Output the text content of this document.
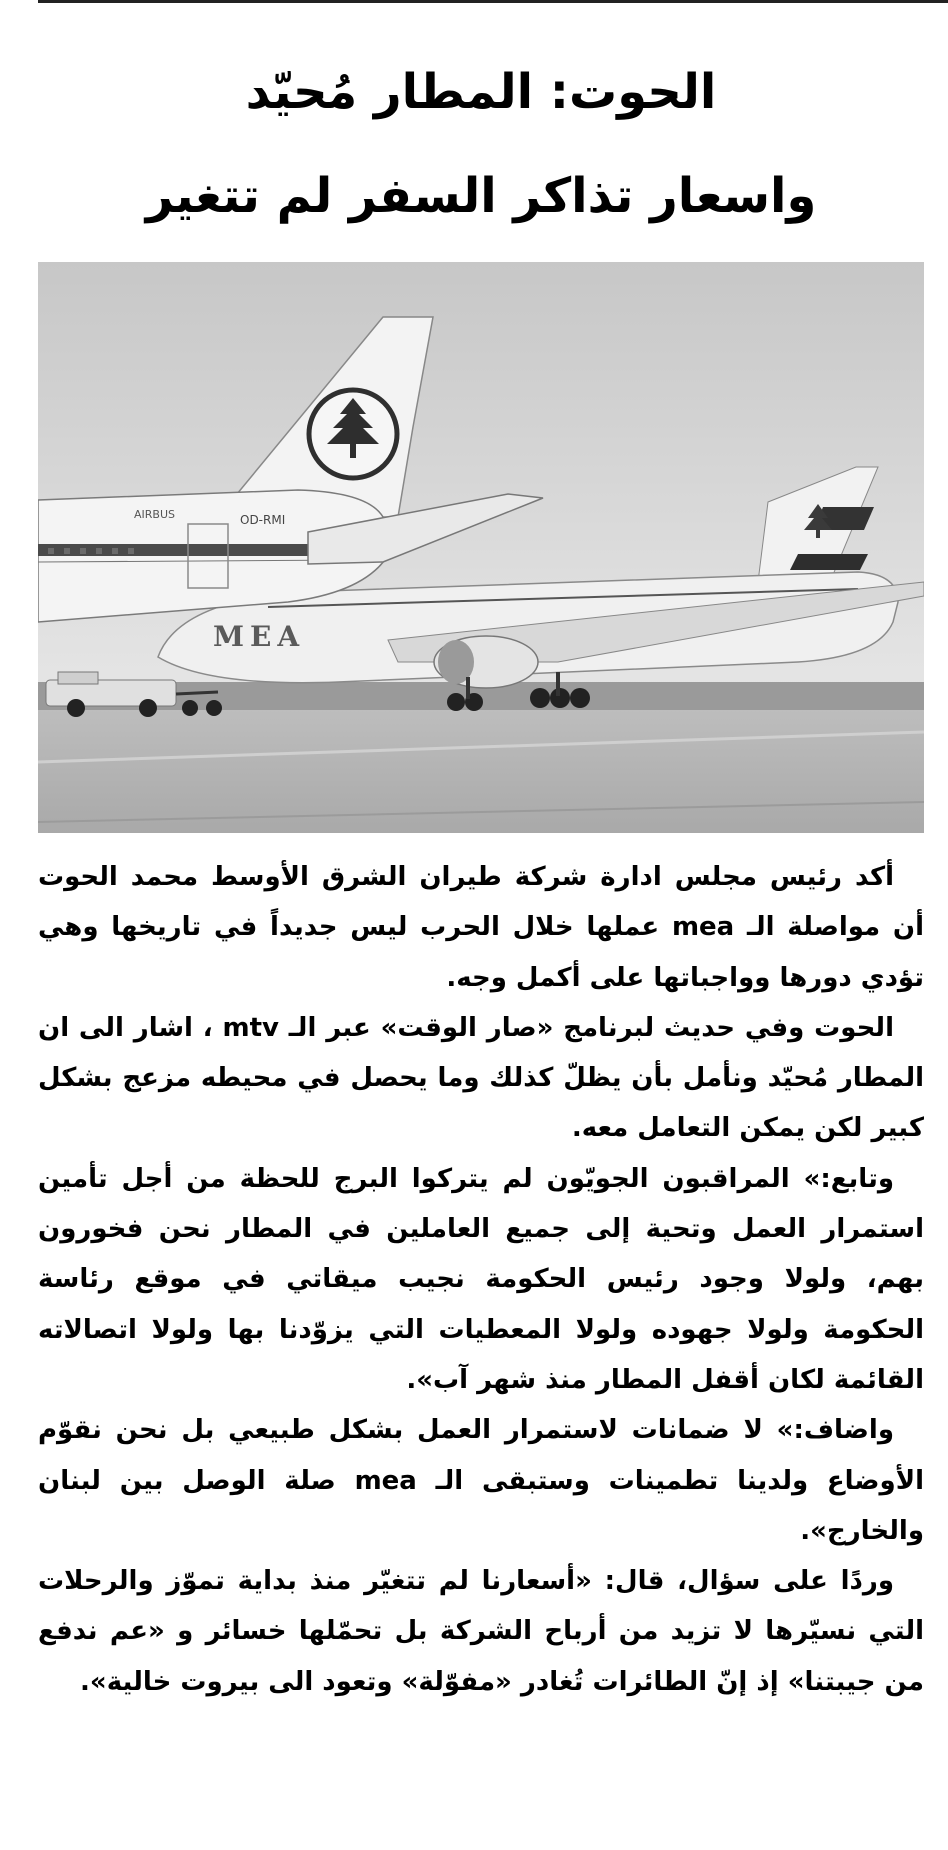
الحوت: المطار مُحيّد
واسعار تذاكر السفر لم تتغير
MEA
AIRBUS	OD-RMI

أكد رئيس مجلس ادارة شركة طيران الشرق الأوسط محمد الحوت أن مواصلة الـ mea عملها خلال الحرب ليس جديداً في تاريخها وهي تؤدي دورها وواجباتها على أكمل وجه.

الحوت وفي حديث لبرنامج «صار الوقت» عبر الـ mtv ، اشار الى ان المطار مُحيّد ونأمل بأن يظلّ كذلك وما يحصل في محيطه مزعج بشكل كبير لكن يمكن التعامل معه.

وتابع:» المراقبون الجويّون لم يتركوا البرج للحظة من أجل تأمين استمرار العمل وتحية إلى جميع العاملين في المطار نحن فخورون بهم، ولولا وجود رئيس الحكومة نجيب ميقاتي في موقع رئاسة الحكومة ولولا جهوده ولولا المعطيات التي يزوّدنا بها ولولا اتصالاته القائمة لكان أقفل المطار منذ شهر آب».

واضاف:» لا ضمانات لاستمرار العمل بشكل طبيعي بل نحن نقوّم الأوضاع ولدينا تطمينات وستبقى الـ mea صلة الوصل بين لبنان والخارج».

وردًا على سؤال، قال: «أسعارنا لم تتغيّر منذ بداية تموّز والرحلات التي نسيّرها لا تزيد من أرباح الشركة بل تحمّلها خسائر و «عم ندفع من جيبتنا» إذ إنّ الطائرات تُغادر «مفوّلة» وتعود الى بيروت خالية».
